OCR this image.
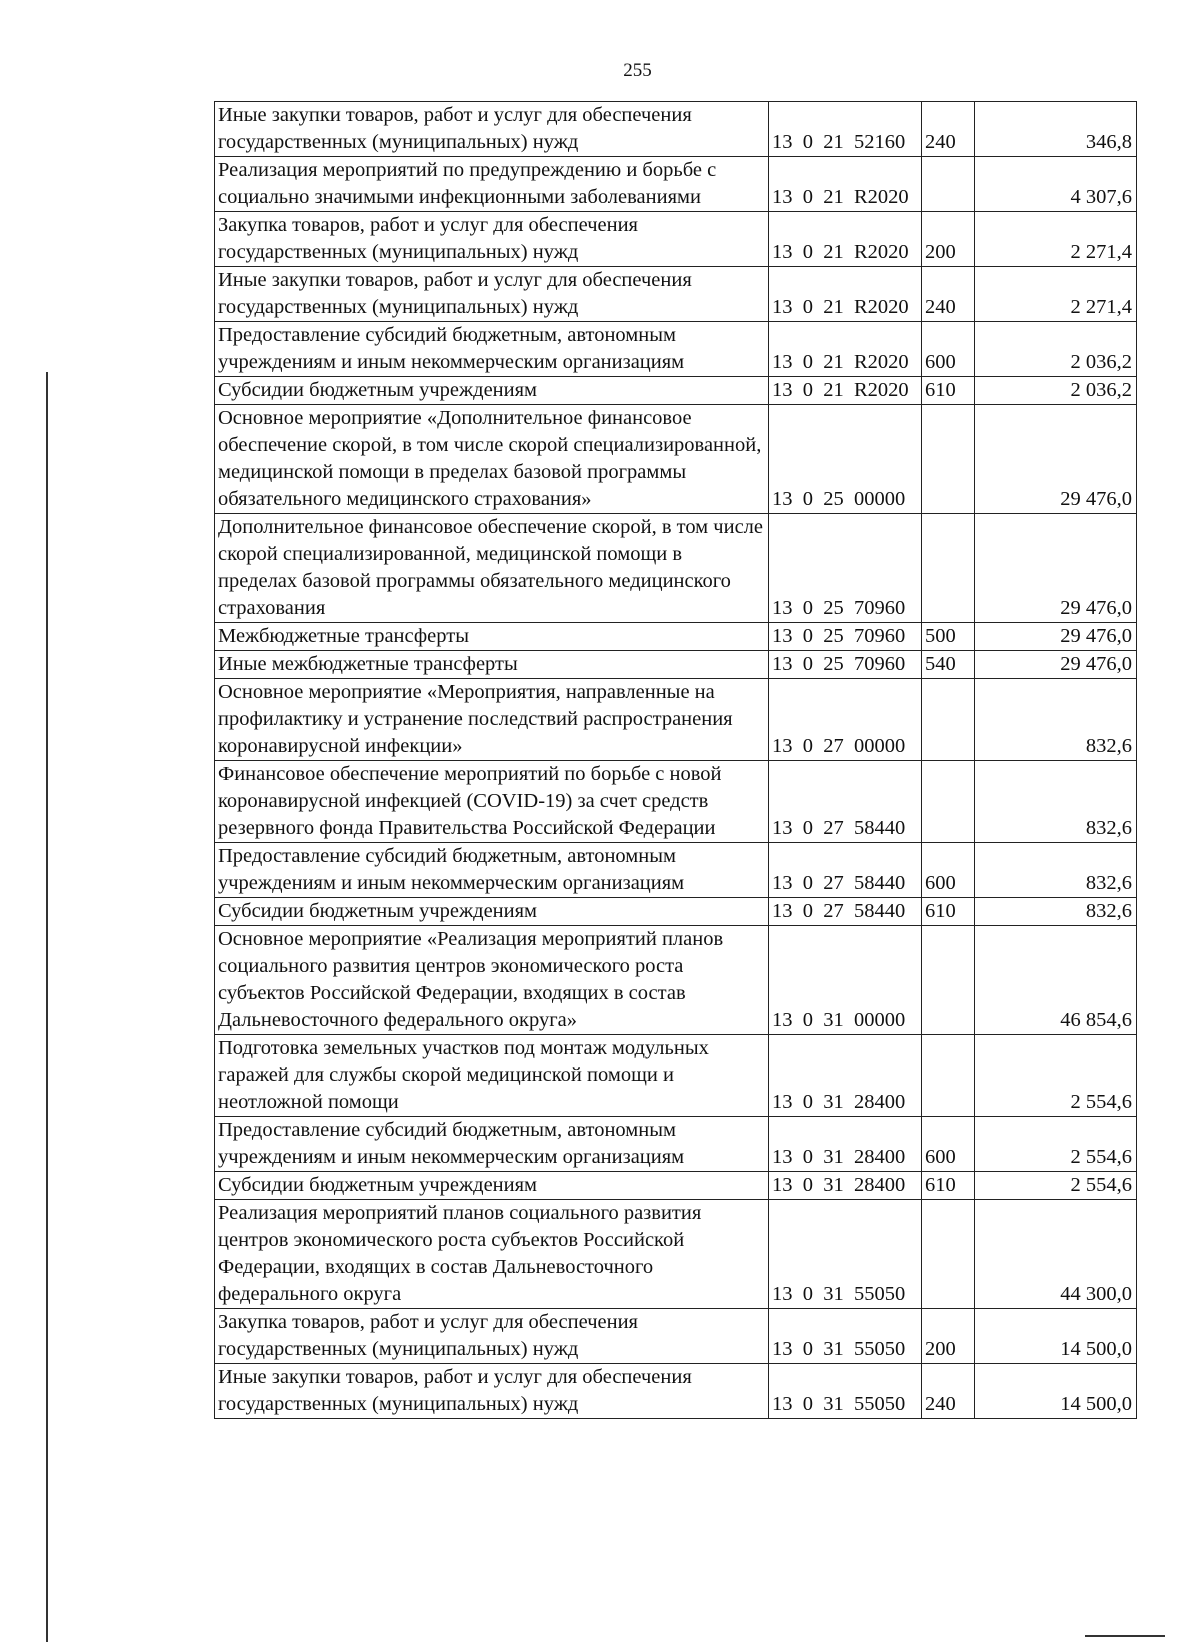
255
Иные закупки товаров, работ и услуг для обеспечения государственных (муниципальных) нужд	13  0  21  52160	240	346,8
Реализация мероприятий по предупреждению и борьбе с социально значимыми инфекционными заболеваниями	13  0  21  R2020		4 307,6
Закупка товаров, работ и услуг для обеспечения государственных (муниципальных) нужд	13  0  21  R2020	200	2 271,4
Иные закупки товаров, работ и услуг для обеспечения государственных (муниципальных) нужд	13  0  21  R2020	240	2 271,4
Предоставление субсидий бюджетным, автономным учреждениям и иным некоммерческим организациям	13  0  21  R2020	600	2 036,2
Субсидии бюджетным учреждениям	13  0  21  R2020	610	2 036,2
Основное мероприятие «Дополнительное финансовое обеспечение скорой, в том числе скорой специализированной, медицинской помощи в пределах базовой программы обязательного медицинского страхования»	13  0  25  00000		29 476,0
Дополнительное финансовое обеспечение скорой, в том числе скорой специализированной, медицинской помощи в пределах базовой программы обязательного медицинского страхования	13  0  25  70960		29 476,0
Межбюджетные трансферты	13  0  25  70960	500	29 476,0
Иные межбюджетные трансферты	13  0  25  70960	540	29 476,0
Основное мероприятие «Мероприятия, направленные на профилактику и устранение последствий распространения коронавирусной инфекции»	13  0  27  00000		832,6
Финансовое обеспечение мероприятий по борьбе с новой коронавирусной инфекцией (COVID-19) за счет средств резервного фонда Правительства Российской Федерации	13  0  27  58440		832,6
Предоставление субсидий бюджетным, автономным учреждениям и иным некоммерческим организациям	13  0  27  58440	600	832,6
Субсидии бюджетным учреждениям	13  0  27  58440	610	832,6
Основное мероприятие «Реализация мероприятий планов социального развития центров экономического роста субъектов Российской Федерации, входящих в состав Дальневосточного федерального округа»	13  0  31  00000		46 854,6
Подготовка земельных участков под монтаж модульных гаражей для службы скорой медицинской помощи и неотложной помощи	13  0  31  28400		2 554,6
Предоставление субсидий бюджетным, автономным учреждениям и иным некоммерческим организациям	13  0  31  28400	600	2 554,6
Субсидии бюджетным учреждениям	13  0  31  28400	610	2 554,6
Реализация мероприятий планов социального развития центров экономического роста субъектов Российской Федерации, входящих в состав Дальневосточного федерального округа	13  0  31  55050		44 300,0
Закупка товаров, работ и услуг для обеспечения государственных (муниципальных) нужд	13  0  31  55050	200	14 500,0
Иные закупки товаров, работ и услуг для обеспечения государственных (муниципальных) нужд	13  0  31  55050	240	14 500,0
